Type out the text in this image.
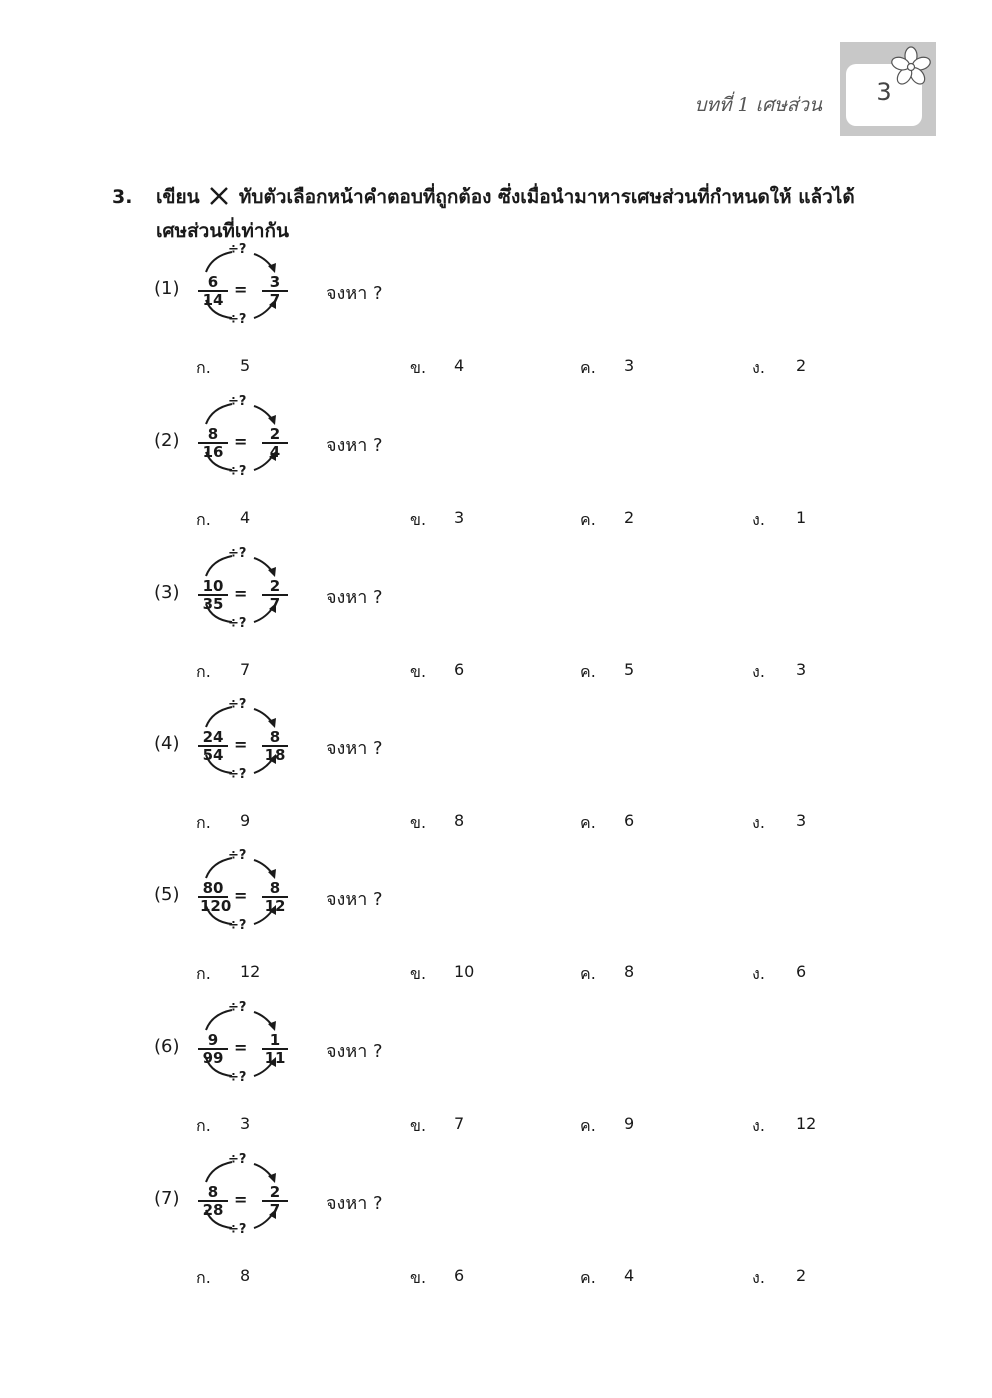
บทที่ 1 เศษส่วน	3
3. เขียน ทับตัวเลือกหน้าคำตอบที่ถูกต้อง ซึ่งเมื่อนำมาหารเศษส่วนที่กำหนดให้ แล้วได้เศษส่วนที่เท่ากัน
(1)
÷?
$\frac{6}{14} = \frac{3}{7}$
÷?
จงหา ?
ก. 5	ข. 4	ค. 3	ง. 2
(2)
÷?
$\frac{8}{16} = \frac{2}{4}$
÷?
จงหา ?
ก. 4	ข. 3	ค. 2	ง. 1
(3)
÷?
$\frac{10}{35} = \frac{2}{7}$
÷?
จงหา ?
ก. 7	ข. 6	ค. 5	ง. 3
(4)
÷?
$\frac{24}{54} = \frac{8}{18}$
÷?
จงหา ?
ก. 9	ข. 8	ค. 6	ง. 3
(5)
÷?
$\frac{80}{120} = \frac{8}{12}$
÷?
จงหา ?
ก. 12	ข. 10	ค. 8	ง. 6
(6)
÷?
$\frac{9}{99} = \frac{1}{11}$
÷?
จงหา ?
ก. 3	ข. 7	ค. 9	ง. 12
(7)
÷?
$\frac{8}{28} = \frac{2}{7}$
÷?
จงหา ?
ก. 8	ข. 6	ค. 4	ง. 2
